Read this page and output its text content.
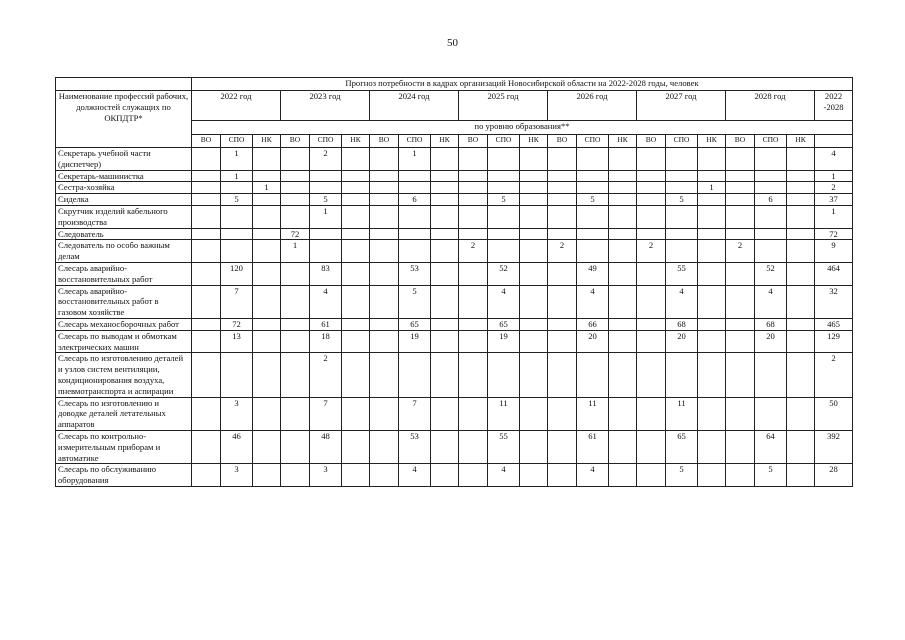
50
	Прогноз потребности в кадрах организаций Новосибирской области на 2022-2028 годы, человек																					
Наименование профессий рабочих, должностей служащих по ОКПДТР*	2022 год			2023 год			2024 год			2025 год			2026 год			2027 год			2028 год			2022 -2028
	по уровню образования**																					
	ВО	СПО	НК	ВО	СПО	НК	ВО	СПО	НК	ВО	СПО	НК	ВО	СПО	НК	ВО	СПО	НК	ВО	СПО	НК	
Секретарь учебной части (диспетчер)		1			2			1														4
Секретарь-машинистка		1																				1
Сестра-хозяйка			1															1				2
Сиделка		5			5			6			5			5			5			6		37
Скрутчик изделий кабельного производства					1																	1
Следователь				72																		72
Следователь по особо важным делам				1						2			2			2			2			9
Слесарь аварийно-восстановительных работ		120			83			53			52			49			55			52		464
Слесарь аварийно-восстановительных работ в газовом хозяйстве		7			4			5			4			4			4			4		32
Слесарь механосборочных работ		72			61			65			65			66			68			68		465
Слесарь по выводам и обмоткам электрических машин		13			18			19			19			20			20			20		129
Слесарь по изготовлению деталей и узлов систем вентиляции, кондиционирования воздуха, пневмотранспорта и аспирации					2																	2
Слесарь по изготовлению и доводке деталей летательных аппаратов		3			7			7			11			11			11					50
Слесарь по контрольно-измерительным приборам и автоматике		46			48			53			55			61			65			64		392
Слесарь по обслуживанию оборудования		3			3			4			4			4			5			5		28
